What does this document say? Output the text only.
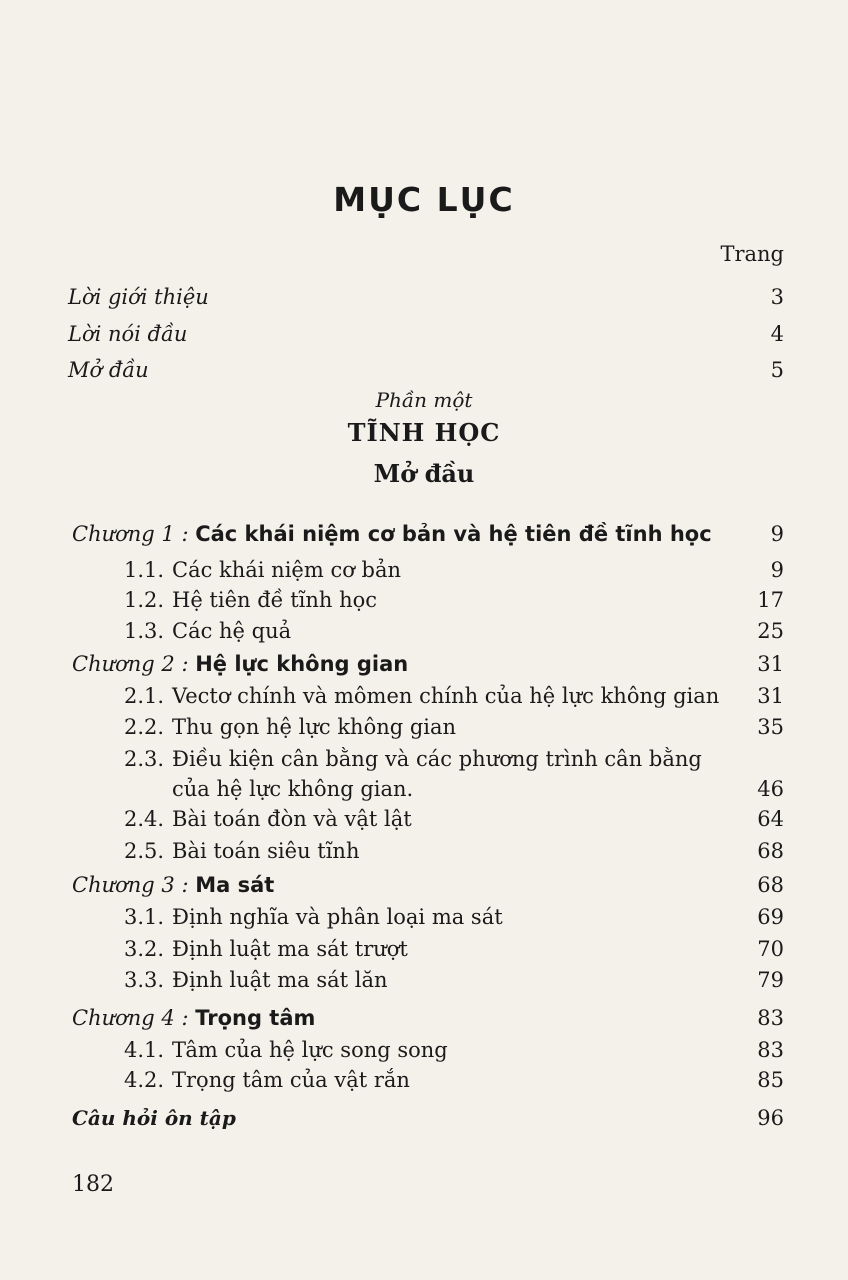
MỤC LỤC
Trang
Lời giới thiệu	3
Lời nói đầu	4
Mở đầu	5
Phần một
TĨNH HỌC
Mở đầu
Chương 1 : Các khái niệm cơ bản và hệ tiên đề tĩnh học	9
1.1. Các khái niệm cơ bản	9
1.2. Hệ tiên đề tĩnh học	17
1.3. Các hệ quả	25
Chương 2 : Hệ lực không gian	31
2.1. Vectơ chính và mômen chính của hệ lực không gian 31
2.2. Thu gọn hệ lực không gian	35
2.3. Điều kiện cân bằng và các phương trình cân bằng
của hệ lực không gian.	46
2.4. Bài toán đòn và vật lật	64
2.5. Bài toán siêu tĩnh	68
Chương 3 : Ma sát	68
3.1. Định nghĩa và phân loại ma sát	69
3.2. Định luật ma sát trượt	70
3.3. Định luật ma sát lăn	79
Chương 4 : Trọng tâm	83
4.1. Tâm của hệ lực song song	83
4.2. Trọng tâm của vật rắn	85
Câu hỏi ôn tập	96
182
